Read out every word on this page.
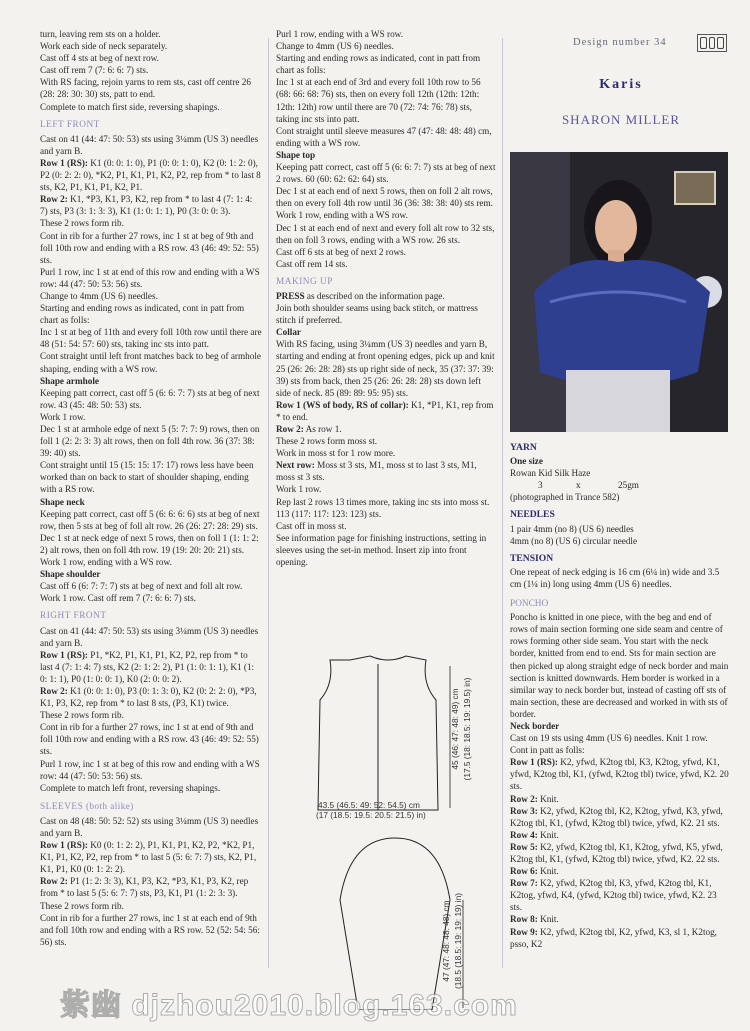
Design number 34
Karis
SHARON MILLER

turn, leaving rem sts on a holder.

Work each side of neck separately.

Cast off 4 sts at beg of next row.

Cast off rem 7 (7: 6: 6: 7) sts.

With RS facing, rejoin yarns to rem sts, cast off centre 26 (28: 28: 30: 30) sts, patt to end.

Complete to match first side, reversing shapings.

LEFT FRONT

Cast on 41 (44: 47: 50: 53) sts using 3¼mm (US 3) needles and yarn B.

Row 1 (RS): K1 (0: 0: 1: 0), P1 (0: 0: 1: 0), K2 (0: 1: 2: 0), P2 (0: 2: 2: 0), *K2, P1, K1, P1, K2, P2, rep from * to last 8 sts, K2, P1, K1, P1, K2, P1.

Row 2: K1, *P3, K1, P3, K2, rep from * to last 4 (7: 1: 4: 7) sts, P3 (3: 1: 3: 3), K1 (1: 0: 1: 1), P0 (3: 0: 0: 3).

These 2 rows form rib.

Cont in rib for a further 27 rows, inc 1 st at beg of 9th and foll 10th row and ending with a RS row. 43 (46: 49: 52: 55) sts.

Purl 1 row, inc 1 st at end of this row and ending with a WS row: 44 (47: 50: 53: 56) sts.

Change to 4mm (US 6) needles.

Starting and ending rows as indicated, cont in patt from chart as folls:

Inc 1 st at beg of 11th and every foll 10th row until there are 48 (51: 54: 57: 60) sts, taking inc sts into patt.

Cont straight until left front matches back to beg of armhole shaping, ending with a WS row.

Shape armhole

Keeping patt correct, cast off 5 (6: 6: 7: 7) sts at beg of next row. 43 (45: 48: 50: 53) sts.

Work 1 row.

Dec 1 st at armhole edge of next 5 (5: 7: 7: 9) rows, then on foll 1 (2: 2: 3: 3) alt rows, then on foll 4th row. 36 (37: 38: 39: 40) sts.

Cont straight until 15 (15: 15: 17: 17) rows less have been worked than on back to start of shoulder shaping, ending with a RS row.

Shape neck

Keeping patt correct, cast off 5 (6: 6: 6: 6) sts at beg of next row, then 5 sts at beg of foll alt row. 26 (26: 27: 28: 29) sts.

Dec 1 st at neck edge of next 5 rows, then on foll 1 (1: 1: 2: 2) alt rows, then on foll 4th row. 19 (19: 20: 20: 21) sts.

Work 1 row, ending with a WS row.

Shape shoulder

Cast off 6 (6: 7: 7: 7) sts at beg of next and foll alt row. Work 1 row. Cast off rem 7 (7: 6: 6: 7) sts.

RIGHT FRONT

Cast on 41 (44: 47: 50: 53) sts using 3¼mm (US 3) needles and yarn B.

Row 1 (RS): P1, *K2, P1, K1, P1, K2, P2, rep from * to last 4 (7: 1: 4: 7) sts, K2 (2: 1: 2: 2), P1 (1: 0: 1: 1), K1 (1: 0: 1: 1), P0 (1: 0: 0: 1), K0 (2: 0: 0: 2).

Row 2: K1 (0: 0: 1: 0), P3 (0: 1: 3: 0), K2 (0: 2: 2: 0), *P3, K1, P3, K2, rep from * to last 8 sts, (P3, K1) twice.

These 2 rows form rib.

Cont in rib for a further 27 rows, inc 1 st at end of 9th and foll 10th row and ending with a RS row. 43 (46: 49: 52: 55) sts.

Purl 1 row, inc 1 st at beg of this row and ending with a WS row: 44 (47: 50: 53: 56) sts.

Complete to match left front, reversing shapings.

SLEEVES (both alike)

Cast on 48 (48: 50: 52: 52) sts using 3¼mm (US 3) needles and yarn B.

Row 1 (RS): K0 (0: 1: 2: 2), P1, K1, P1, K2, P2, *K2, P1, K1, P1, K2, P2, rep from * to last 5 (5: 6: 7: 7) sts, K2, P1, K1, P1, K0 (0: 1: 2: 2).

Row 2: P1 (1: 2: 3: 3), K1, P3, K2, *P3, K1, P3, K2, rep from * to last 5 (5: 6: 7: 7) sts, P3, K1, P1 (1: 2: 3: 3).

These 2 rows form rib.

Cont in rib for a further 27 rows, inc 1 st at each end of 9th and foll 10th row and ending with a RS row. 52 (52: 54: 56: 56) sts.

Purl 1 row, ending with a WS row.

Change to 4mm (US 6) needles.

Starting and ending rows as indicated, cont in patt from chart as folls:

Inc 1 st at each end of 3rd and every foll 10th row to 56 (68: 66: 68: 76) sts, then on every foll 12th (12th: 12th: 12th: 12th) row until there are 70 (72: 74: 76: 78) sts, taking inc sts into patt.

Cont straight until sleeve measures 47 (47: 48: 48: 48) cm, ending with a WS row.

Shape top

Keeping patt correct, cast off 5 (6: 6: 7: 7) sts at beg of next 2 rows. 60 (60: 62: 62: 64) sts.

Dec 1 st at each end of next 5 rows, then on foll 2 alt rows, then on every foll 4th row until 36 (36: 38: 38: 40) sts rem.

Work 1 row, ending with a WS row.

Dec 1 st at each end of next and every foll alt row to 32 sts, then on foll 3 rows, ending with a WS row. 26 sts.

Cast off 6 sts at beg of next 2 rows.

Cast off rem 14 sts.

MAKING UP

PRESS as described on the information page.

Join both shoulder seams using back stitch, or mattress stitch if preferred.

Collar

With RS facing, using 3¼mm (US 3) needles and yarn B, starting and ending at front opening edges, pick up and knit 25 (26: 26: 28: 28) sts up right side of neck, 35 (37: 37: 39: 39) sts from back, then 25 (26: 26: 28: 28) sts down left side of neck. 85 (89: 89: 95: 95) sts.

Row 1 (WS of body, RS of collar): K1, *P1, K1, rep from * to end.

Row 2: As row 1.

These 2 rows form moss st.

Work in moss st for 1 row more.

Next row: Moss st 3 sts, M1, moss st to last 3 sts, M1, moss st 3 sts.

Work 1 row.

Rep last 2 rows 13 times more, taking inc sts into moss st. 113 (117: 117: 123: 123) sts.

Cast off in moss st.

See information page for finishing instructions, setting in sleeves using the set-in method. Insert zip into front opening.

43.5 (46.5: 49: 52: 54.5) cm
(17 (18.5: 19.5: 20.5: 21.5) in)
45 (46: 47: 48: 49) cm (17.5 (18: 18.5: 19: 19.5) in)
47 (47: 48: 48: 48) cm (18.5 (18.5: 19: 19: 19) in)

YARN

One size

Rowan Kid Silk Haze

3	x	25gm

(photographed in Trance 582)

NEEDLES

1 pair 4mm (no 8) (US 6) needles

4mm (no 8) (US 6) circular needle

TENSION

One repeat of neck edging is 16 cm (6¼ in) wide and 3.5 cm (1¼ in) long using 4mm (US 6) needles.

PONCHO

Poncho is knitted in one piece, with the beg and end of rows of main section forming one side seam and centre of rows forming other side seam. You start with the neck border, knitted from end to end. Sts for main section are then picked up along straight edge of neck border and main section is knitted downwards. Hem border is worked in a similar way to neck border but, instead of casting off sts of main section, these are decreased and worked in with sts of border.

Neck border

Cast on 19 sts using 4mm (US 6) needles. Knit 1 row.

Cont in patt as folls:

Row 1 (RS): K2, yfwd, K2tog tbl, K3, K2tog, yfwd, K1, yfwd, K2tog tbl, K1, (yfwd, K2tog tbl) twice, yfwd, K2. 20 sts.

Row 2: Knit.

Row 3: K2, yfwd, K2tog tbl, K2, K2tog, yfwd, K3, yfwd, K2tog tbl, K1, (yfwd, K2tog tbl) twice, yfwd, K2. 21 sts.

Row 4: Knit.

Row 5: K2, yfwd, K2tog tbl, K1, K2tog, yfwd, K5, yfwd, K2tog tbl, K1, (yfwd, K2tog tbl) twice, yfwd, K2. 22 sts.

Row 6: Knit.

Row 7: K2, yfwd, K2tog tbl, K3, yfwd, K2tog tbl, K1, K2tog, yfwd, K4, (yfwd, K2tog tbl) twice, yfwd, K2. 23 sts.

Row 8: Knit.

Row 9: K2, yfwd, K2tog tbl, K2, yfwd, K3, sl 1, K2tog, psso, K2

紫幽 djzhou2010.blog.163.com
